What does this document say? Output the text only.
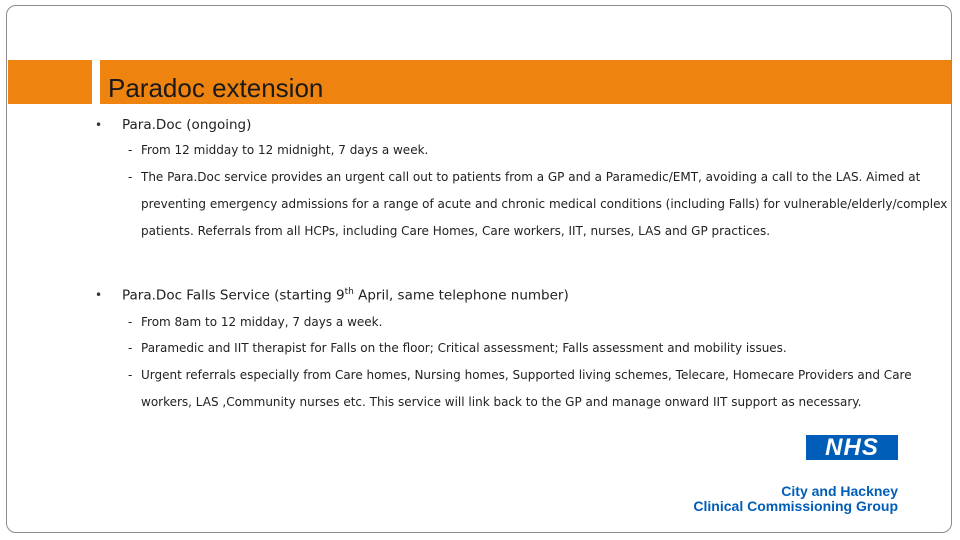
Paradoc extension
• Para.Doc (ongoing)
- From 12 midday to 12 midnight, 7 days a week.
- The Para.Doc service provides an urgent call out to patients from a GP and a Paramedic/EMT, avoiding a call to the LAS. Aimed at
preventing emergency admissions for a range of acute and chronic medical conditions (including Falls) for vulnerable/elderly/complex
patients. Referrals from all HCPs, including Care Homes, Care workers, IIT, nurses, LAS and GP practices.
• Para.Doc Falls Service (starting 9th April, same telephone number)
- From 8am to 12 midday, 7 days a week.
- Paramedic and IIT therapist for Falls on the floor; Critical assessment; Falls assessment and mobility issues.
- Urgent referrals especially from Care homes, Nursing homes, Supported living schemes, Telecare, Homecare Providers and Care
workers, LAS ,Community nurses etc. This service will link back to the GP and manage onward IIT support as necessary.
NHS
City and Hackney
Clinical Commissioning Group
